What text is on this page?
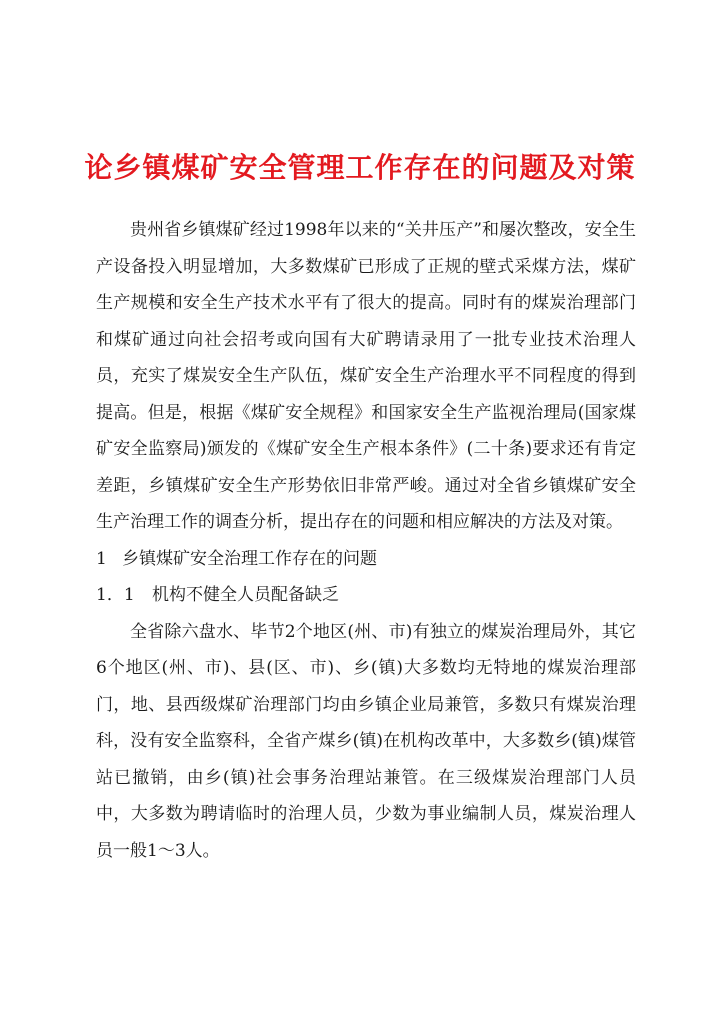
论乡镇煤矿安全管理工作存在的问题及对策

贵州省乡镇煤矿经过1998年以来的“关井压产”和屡次整改，安全生产设备投入明显增加，大多数煤矿已形成了正规的壁式采煤方法，煤矿生产规模和安全生产技术水平有了很大的提高。同时有的煤炭治理部门和煤矿通过向社会招考或向国有大矿聘请录用了一批专业技术治理人员，充实了煤炭安全生产队伍，煤矿安全生产治理水平不同程度的得到提高。但是，根据《煤矿安全规程》和国家安全生产监视治理局(国家煤矿安全监察局)颁发的《煤矿安全生产根本条件》(二十条)要求还有肯定差距，乡镇煤矿安全生产形势依旧非常严峻。通过对全省乡镇煤矿安全生产治理工作的调查分析，提出存在的问题和相应解决的方法及对策。

1 乡镇煤矿安全治理工作存在的问题

1．1 机构不健全人员配备缺乏

全省除六盘水、毕节2个地区(州、市)有独立的煤炭治理局外，其它6个地区(州、市)、县(区、市)、乡(镇)大多数均无特地的煤炭治理部门，地、县西级煤矿治理部门均由乡镇企业局兼管，多数只有煤炭治理科，没有安全监察科，全省产煤乡(镇)在机构改革中，大多数乡(镇)煤管站已撤销，由乡(镇)社会事务治理站兼管。在三级煤炭治理部门人员中，大多数为聘请临时的治理人员，少数为事业编制人员，煤炭治理人员一般1～3人。
